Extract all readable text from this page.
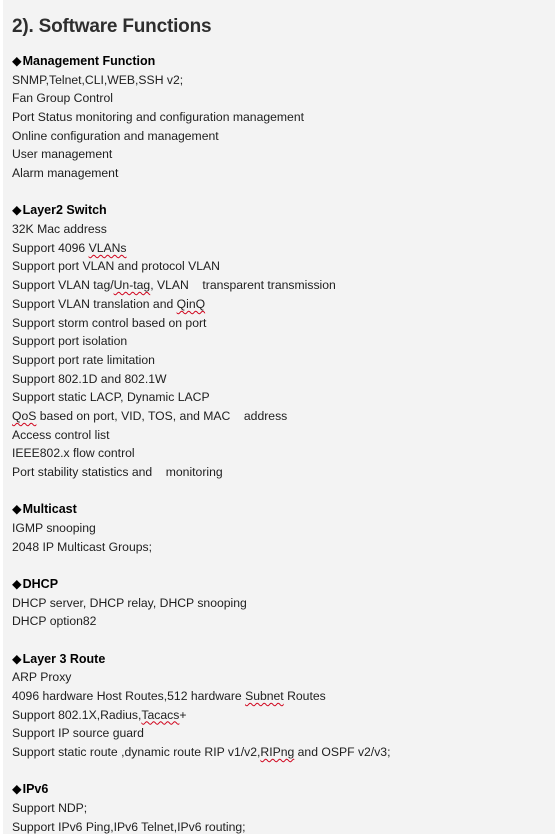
2). Software Functions
◆Management Function
SNMP,Telnet,CLI,WEB,SSH v2;
Fan Group Control
Port Status monitoring and configuration management
Online configuration and management
User management
Alarm management
◆Layer2 Switch
32K Mac address
Support 4096 VLANs
Support port VLAN and protocol VLAN
Support VLAN tag/Un-tag, VLAN    transparent transmission
Support VLAN translation and QinQ
Support storm control based on port
Support port isolation
Support port rate limitation
Support 802.1D and 802.1W
Support static LACP, Dynamic LACP
QoS based on port, VID, TOS, and MAC    address
Access control list
IEEE802.x flow control
Port stability statistics and    monitoring
◆Multicast
IGMP snooping
2048 IP Multicast Groups;
◆DHCP
DHCP server, DHCP relay, DHCP snooping
DHCP option82
◆Layer 3 Route
ARP Proxy
4096 hardware Host Routes,512 hardware Subnet Routes
Support 802.1X,Radius,Tacacs+
Support IP source guard
Support static route ,dynamic route RIP v1/v2,RIPng and OSPF v2/v3;
◆IPv6
Support NDP;
Support IPv6 Ping,IPv6 Telnet,IPv6 routing;
